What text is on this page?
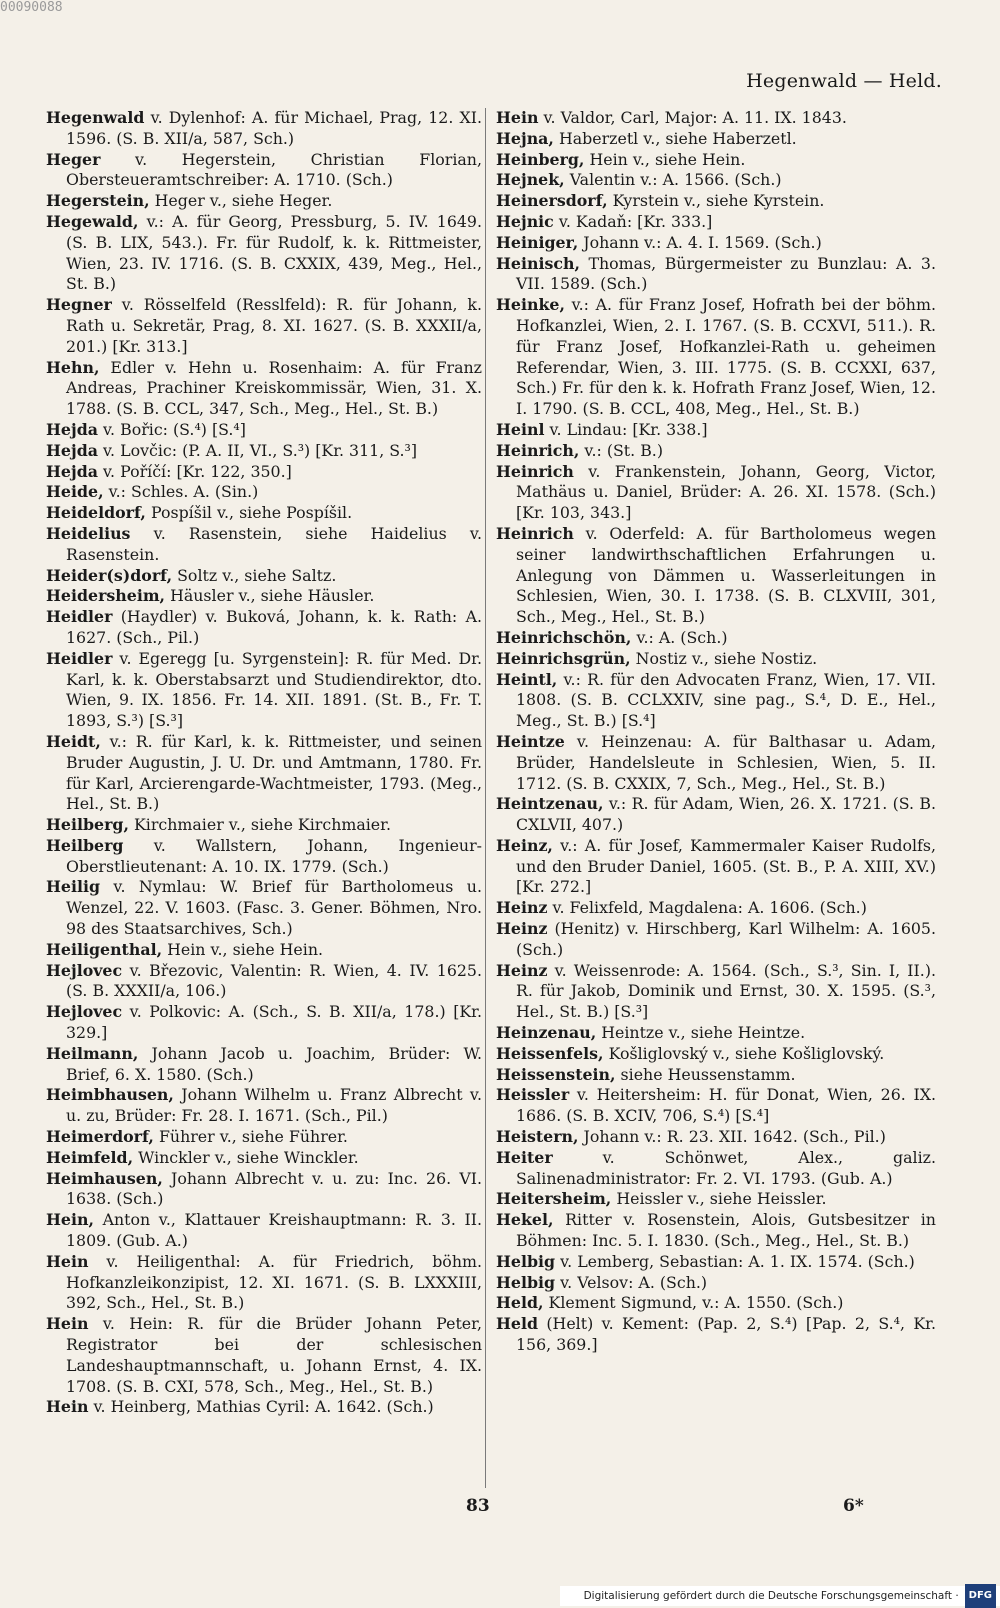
00090088
Hegenwald — Held.

Hegenwald v. Dylenhof: A. für Michael, Prag, 12. XI. 1596. (S. B. XII/a, 587, Sch.)

Heger v. Hegerstein, Christian Florian, Obersteueramtschreiber: A. 1710. (Sch.)

Hegerstein, Heger v., siehe Heger.

Hegewald, v.: A. für Georg, Pressburg, 5. IV. 1649. (S. B. LIX, 543.). Fr. für Rudolf, k. k. Rittmeister, Wien, 23. IV. 1716. (S. B. CXXIX, 439, Meg., Hel., St. B.)

Hegner v. Rösselfeld (Resslfeld): R. für Johann, k. Rath u. Sekretär, Prag, 8. XI. 1627. (S. B. XXXII/a, 201.) [Kr. 313.]

Hehn, Edler v. Hehn u. Rosenhaim: A. für Franz Andreas, Prachiner Kreiskommissär, Wien, 31. X. 1788. (S. B. CCL, 347, Sch., Meg., Hel., St. B.)

Hejda v. Bořic: (S.⁴) [S.⁴]

Hejda v. Lovčic: (P. A. II, VI., S.³) [Kr. 311, S.³]

Hejda v. Poříčí: [Kr. 122, 350.]

Heide, v.: Schles. A. (Sin.)

Heideldorf, Pospíšil v., siehe Pospíšil.

Heidelius v. Rasenstein, siehe Haidelius v. Rasenstein.

Heider(s)dorf, Soltz v., siehe Saltz.

Heidersheim, Häusler v., siehe Häusler.

Heidler (Haydler) v. Buková, Johann, k. k. Rath: A. 1627. (Sch., Pil.)

Heidler v. Egeregg [u. Syrgenstein]: R. für Med. Dr. Karl, k. k. Oberstabsarzt und Studiendirektor, dto. Wien, 9. IX. 1856. Fr. 14. XII. 1891. (St. B., Fr. T. 1893, S.³) [S.³]

Heidt, v.: R. für Karl, k. k. Rittmeister, und seinen Bruder Augustin, J. U. Dr. und Amtmann, 1780. Fr. für Karl, Arcierengarde-Wachtmeister, 1793. (Meg., Hel., St. B.)

Heilberg, Kirchmaier v., siehe Kirchmaier.

Heilberg v. Wallstern, Johann, Ingenieur-Oberstlieutenant: A. 10. IX. 1779. (Sch.)

Heilig v. Nymlau: W. Brief für Bartholomeus u. Wenzel, 22. V. 1603. (Fasc. 3. Gener. Böhmen, Nro. 98 des Staatsarchives, Sch.)

Heiligenthal, Hein v., siehe Hein.

Hejlovec v. Březovic, Valentin: R. Wien, 4. IV. 1625. (S. B. XXXII/a, 106.)

Hejlovec v. Polkovic: A. (Sch., S. B. XII/a, 178.) [Kr. 329.]

Heilmann, Johann Jacob u. Joachim, Brüder: W. Brief, 6. X. 1580. (Sch.)

Heimbhausen, Johann Wilhelm u. Franz Albrecht v. u. zu, Brüder: Fr. 28. I. 1671. (Sch., Pil.)

Heimerdorf, Führer v., siehe Führer.

Heimfeld, Winckler v., siehe Winckler.

Heimhausen, Johann Albrecht v. u. zu: Inc. 26. VI. 1638. (Sch.)

Hein, Anton v., Klattauer Kreishauptmann: R. 3. II. 1809. (Gub. A.)

Hein v. Heiligenthal: A. für Friedrich, böhm. Hofkanzleikonzipist, 12. XI. 1671. (S. B. LXXXIII, 392, Sch., Hel., St. B.)

Hein v. Hein: R. für die Brüder Johann Peter, Registrator bei der schlesischen Landeshauptmannschaft, u. Johann Ernst, 4. IX. 1708. (S. B. CXI, 578, Sch., Meg., Hel., St. B.)

Hein v. Heinberg, Mathias Cyril: A. 1642. (Sch.)

Hein v. Valdor, Carl, Major: A. 11. IX. 1843.

Hejna, Haberzetl v., siehe Haberzetl.

Heinberg, Hein v., siehe Hein.

Hejnek, Valentin v.: A. 1566. (Sch.)

Heinersdorf, Kyrstein v., siehe Kyrstein.

Hejnic v. Kadaň: [Kr. 333.]

Heiniger, Johann v.: A. 4. I. 1569. (Sch.)

Heinisch, Thomas, Bürgermeister zu Bunzlau: A. 3. VII. 1589. (Sch.)

Heinke, v.: A. für Franz Josef, Hofrath bei der böhm. Hofkanzlei, Wien, 2. I. 1767. (S. B. CCXVI, 511.). R. für Franz Josef, Hofkanzlei-Rath u. geheimen Referendar, Wien, 3. III. 1775. (S. B. CCXXI, 637, Sch.) Fr. für den k. k. Hofrath Franz Josef, Wien, 12. I. 1790. (S. B. CCL, 408, Meg., Hel., St. B.)

Heinl v. Lindau: [Kr. 338.]

Heinrich, v.: (St. B.)

Heinrich v. Frankenstein, Johann, Georg, Victor, Mathäus u. Daniel, Brüder: A. 26. XI. 1578. (Sch.) [Kr. 103, 343.]

Heinrich v. Oderfeld: A. für Bartholomeus wegen seiner landwirthschaftlichen Erfahrungen u. Anlegung von Dämmen u. Wasserleitungen in Schlesien, Wien, 30. I. 1738. (S. B. CLXVIII, 301, Sch., Meg., Hel., St. B.)

Heinrichschön, v.: A. (Sch.)

Heinrichsgrün, Nostiz v., siehe Nostiz.

Heintl, v.: R. für den Advocaten Franz, Wien, 17. VII. 1808. (S. B. CCLXXIV, sine pag., S.⁴, D. E., Hel., Meg., St. B.) [S.⁴]

Heintze v. Heinzenau: A. für Balthasar u. Adam, Brüder, Handelsleute in Schlesien, Wien, 5. II. 1712. (S. B. CXXIX, 7, Sch., Meg., Hel., St. B.)

Heintzenau, v.: R. für Adam, Wien, 26. X. 1721. (S. B. CXLVII, 407.)

Heinz, v.: A. für Josef, Kammermaler Kaiser Rudolfs, und den Bruder Daniel, 1605. (St. B., P. A. XIII, XV.) [Kr. 272.]

Heinz v. Felixfeld, Magdalena: A. 1606. (Sch.)

Heinz (Henitz) v. Hirschberg, Karl Wilhelm: A. 1605. (Sch.)

Heinz v. Weissenrode: A. 1564. (Sch., S.³, Sin. I, II.). R. für Jakob, Dominik und Ernst, 30. X. 1595. (S.³, Hel., St. B.) [S.³]

Heinzenau, Heintze v., siehe Heintze.

Heissenfels, Košliglovský v., siehe Košliglovský.

Heissenstein, siehe Heussenstamm.

Heissler v. Heitersheim: H. für Donat, Wien, 26. IX. 1686. (S. B. XCIV, 706, S.⁴) [S.⁴]

Heistern, Johann v.: R. 23. XII. 1642. (Sch., Pil.)

Heiter v. Schönwet, Alex., galiz. Salinenadministrator: Fr. 2. VI. 1793. (Gub. A.)

Heitersheim, Heissler v., siehe Heissler.

Hekel, Ritter v. Rosenstein, Alois, Gutsbesitzer in Böhmen: Inc. 5. I. 1830. (Sch., Meg., Hel., St. B.)

Helbig v. Lemberg, Sebastian: A. 1. IX. 1574. (Sch.)

Helbig v. Velsov: A. (Sch.)

Held, Klement Sigmund, v.: A. 1550. (Sch.)

Held (Helt) v. Kement: (Pap. 2, S.⁴) [Pap. 2, S.⁴, Kr. 156, 369.]

83	6*
Digitalisierung gefördert durch die Deutsche Forschungsgemeinschaft ·	DFG
